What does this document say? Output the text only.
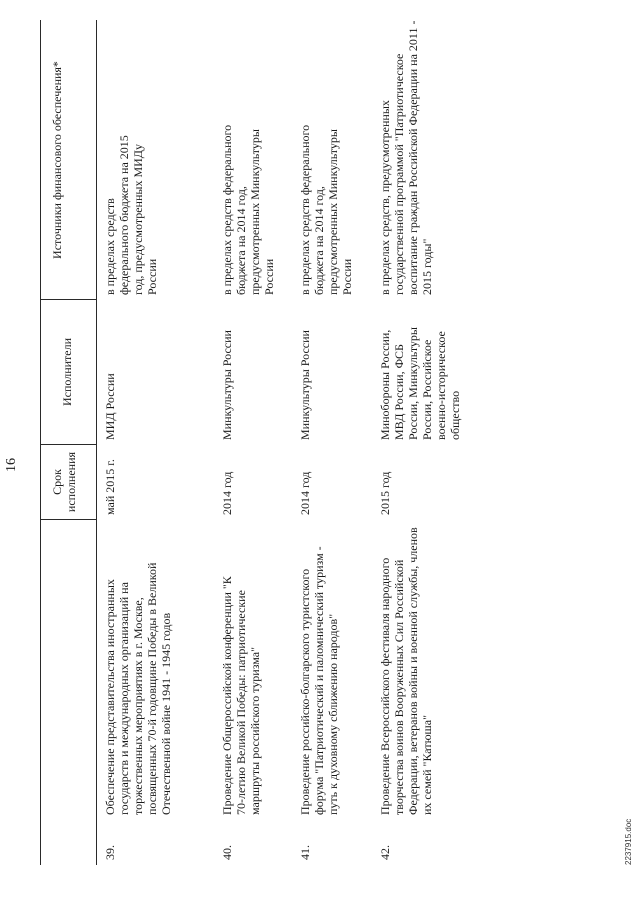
16
Срок исполнения
Исполнители
Источники финансового обеспечения*
39.
Обеспечение представительства иностранных государств и международных организаций на торжественных мероприятиях в г. Москве, посвященных 70-й годовщине Победы в Великой Отечественной войне 1941 - 1945 годов
май 2015 г.
МИД России
в пределах средств федерального бюджета на 2015 год, предусмотренных МИДу России
40.
Проведение Общероссийской конференции "К 70-летию Великой Победы: патриотические маршруты российского туризма"
2014 год
Минкультуры России
в пределах средств федерального бюджета на 2014 год, предусмотренных Минкультуры России
41.
Проведение российско-болгарского туристского форума "Патриотический и паломнический туризм - путь к духовному сближению народов"
2014 год
Минкультуры России
в пределах средств федерального бюджета на 2014 год, предусмотренных Минкультуры России
42.
Проведение Всероссийского фестиваля народного творчества воинов Вооруженных Сил Российской Федерации, ветеранов войны и военной службы, членов их семей "Катюша"
2015 год
Минобороны России, МВД России, ФСБ России, Минкультуры России, Российское военно-историческое общество
в пределах средств, предусмотренных государственной программой "Патриотическое воспитание граждан Российской Федерации на 2011 - 2015 годы"
2237915.doc
